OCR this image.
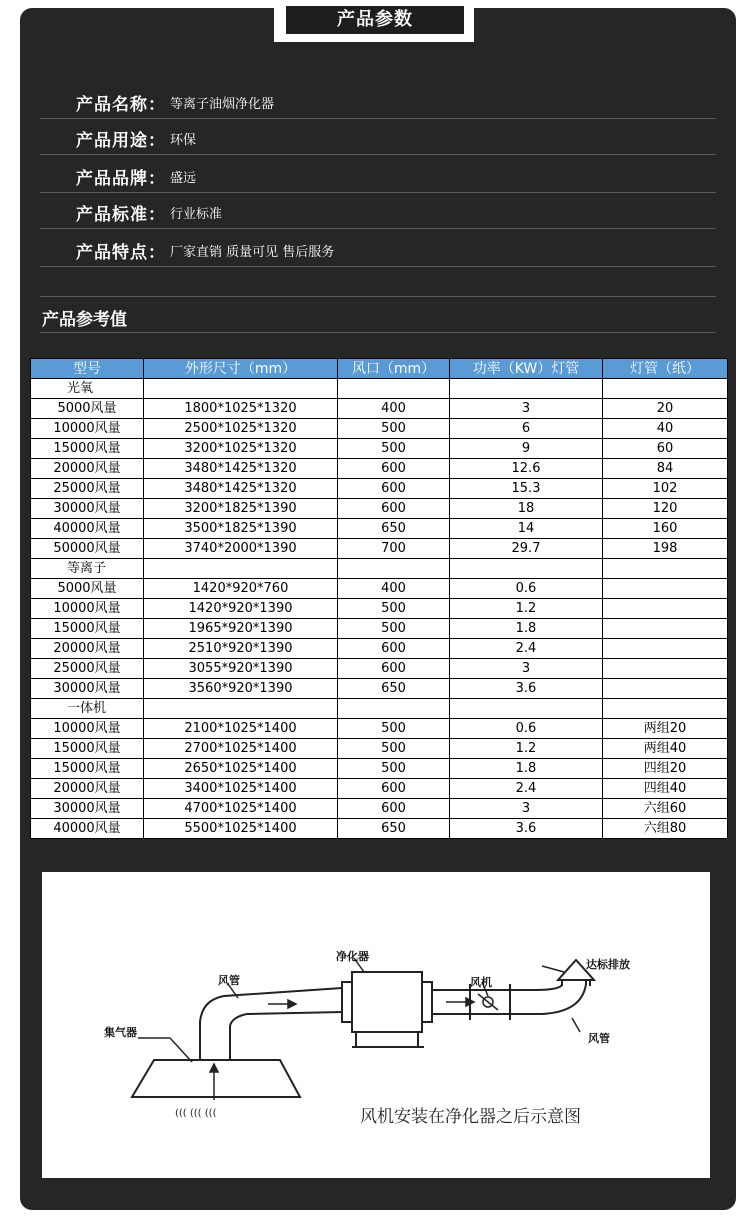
产品参数
产品名称： 等离子油烟净化器
产品用途： 环保
产品品牌： 盛远
产品标准： 行业标准
产品特点： 厂家直销 质量可见 售后服务
产品参考值
型号	外形尺寸（mm）	风口（mm）	功率（KW）灯管	灯管（纸）
光氧				
5000风量	1800*1025*1320	400	3	20
10000风量	2500*1025*1320	500	6	40
15000风量	3200*1025*1320	500	9	60
20000风量	3480*1425*1320	600	12.6	84
25000风量	3480*1425*1320	600	15.3	102
30000风量	3200*1825*1390	600	18	120
40000风量	3500*1825*1390	650	14	160
50000风量	3740*2000*1390	700	29.7	198
等离子				
5000风量	1420*920*760	400	0.6	
10000风量	1420*920*1390	500	1.2	
15000风量	1965*920*1390	500	1.8	
20000风量	2510*920*1390	600	2.4	
25000风量	3055*920*1390	600	3	
30000风量	3560*920*1390	650	3.6	
一体机				
10000风量	2100*1025*1400	500	0.6	两组20
15000风量	2700*1025*1400	500	1.2	两组40
15000风量	2650*1025*1400	500	1.8	四组20
20000风量	3400*1025*1400	600	2.4	四组40
30000风量	4700*1025*1400	600	3	六组60
40000风量	5500*1025*1400	650	3.6	六组80
((( ((( (((
集气器
风管
净化器
风机
达标排放
风管
风机安装在净化器之后示意图
